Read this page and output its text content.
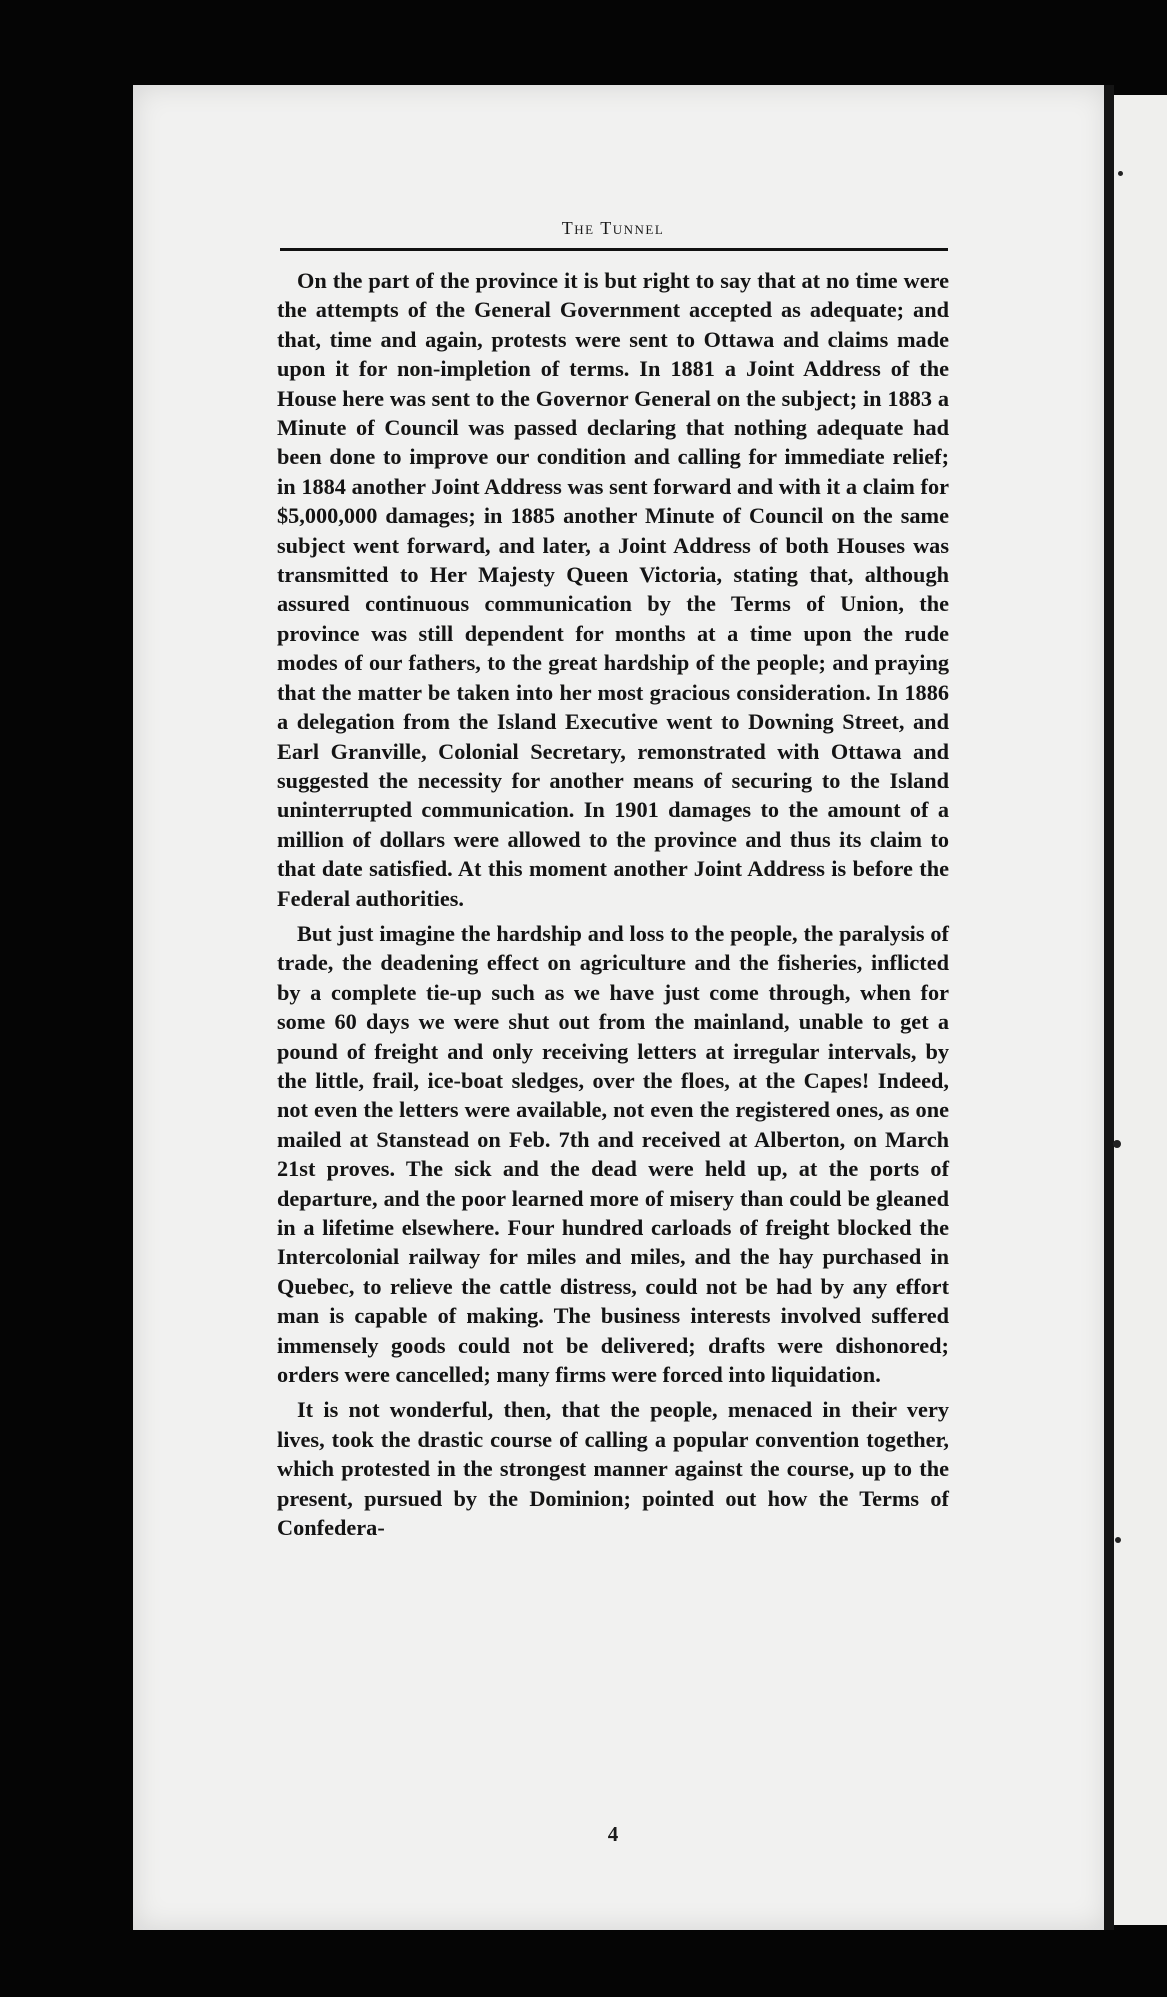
The Tunnel

On the part of the province it is but right to say that at no time were the attempts of the General Government accepted as adequate; and that, time and again, protests were sent to Ottawa and claims made upon it for non-impletion of terms. In 1881 a Joint Address of the House here was sent to the Governor General on the subject; in 1883 a Minute of Council was passed declaring that nothing adequate had been done to improve our condition and calling for immediate relief; in 1884 another Joint Address was sent forward and with it a claim for $5,000,000 damages; in 1885 another Minute of Council on the same subject went forward, and later, a Joint Address of both Houses was transmitted to Her Majesty Queen Victoria, stating that, although assured continuous communication by the Terms of Union, the province was still dependent for months at a time upon the rude modes of our fathers, to the great hardship of the people; and praying that the matter be taken into her most gracious consideration. In 1886 a delegation from the Island Executive went to Downing Street, and Earl Granville, Colonial Secretary, remonstrated with Ottawa and suggested the necessity for another means of securing to the Island uninterrupted communication. In 1901 damages to the amount of a million of dollars were allowed to the province and thus its claim to that date satisfied. At this moment another Joint Address is before the Federal authorities.

But just imagine the hardship and loss to the people, the paralysis of trade, the deadening effect on agriculture and the fisheries, inflicted by a complete tie-up such as we have just come through, when for some 60 days we were shut out from the mainland, unable to get a pound of freight and only receiving letters at irregular intervals, by the little, frail, ice-boat sledges, over the floes, at the Capes! Indeed, not even the letters were available, not even the registered ones, as one mailed at Stanstead on Feb. 7th and received at Alberton, on March 21st proves. The sick and the dead were held up, at the ports of departure, and the poor learned more of misery than could be gleaned in a lifetime elsewhere. Four hundred carloads of freight blocked the Intercolonial railway for miles and miles, and the hay purchased in Quebec, to relieve the cattle distress, could not be had by any effort man is capable of making. The business interests involved suffered immensely goods could not be delivered; drafts were dishonored; orders were cancelled; many firms were forced into liquidation.

It is not wonderful, then, that the people, menaced in their very lives, took the drastic course of calling a popular convention together, which protested in the strongest manner against the course, up to the present, pursued by the Dominion; pointed out how the Terms of Confedera-

4
